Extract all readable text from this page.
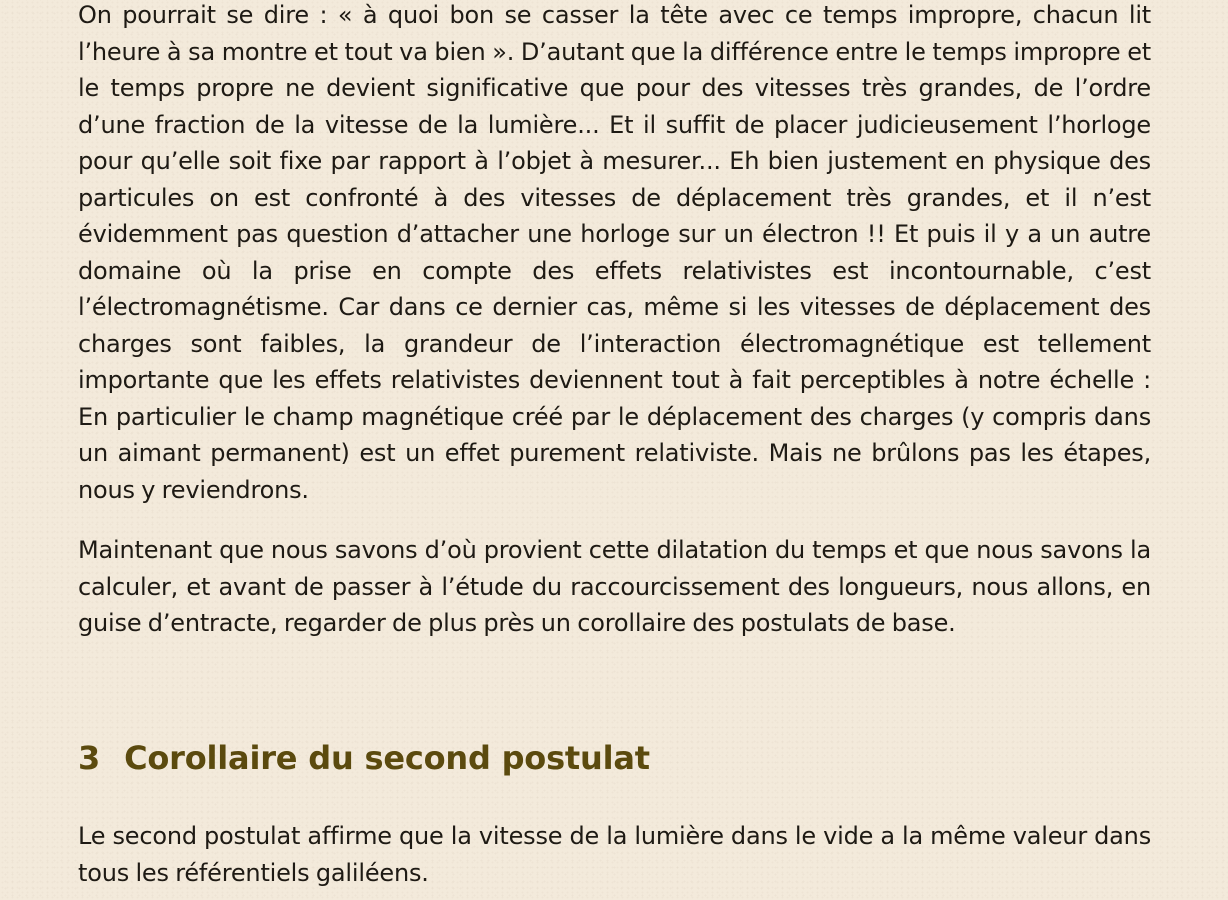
On pourrait se dire : « à quoi bon se casser la tête avec ce temps impropre, chacun lit l’heure à sa montre et tout va bien ». D’autant que la différence entre le temps impropre et le temps propre ne devient significative que pour des vitesses très grandes, de l’ordre d’une fraction de la vitesse de la lumière... Et il suffit de placer judicieusement l’horloge pour qu’elle soit fixe par rapport à l’objet à mesurer... Eh bien justement en physique des particules on est confronté à des vitesses de déplacement très grandes, et il n’est évidemment pas question d’attacher une horloge sur un électron !! Et puis il y a un autre domaine où la prise en compte des effets relativistes est incontournable, c’est l’électromagnétisme. Car dans ce dernier cas, même si les vitesses de déplacement des charges sont faibles, la grandeur de l’interaction électromagnétique est tellement importante que les effets relativistes deviennent tout à fait perceptibles à notre échelle : En particulier le champ magnétique créé par le déplacement des charges (y compris dans un aimant permanent) est un effet purement relativiste. Mais ne brûlons pas les étapes, nous y reviendrons.

Maintenant que nous savons d’où provient cette dilatation du temps et que nous savons la calculer, et avant de passer à l’étude du raccourcissement des longueurs, nous allons, en guise d’entracte, regarder de plus près un corollaire des postulats de base.

3 Corollaire du second postulat

Le second postulat affirme que la vitesse de la lumière dans le vide a la même valeur dans tous les référentiels galiléens.
